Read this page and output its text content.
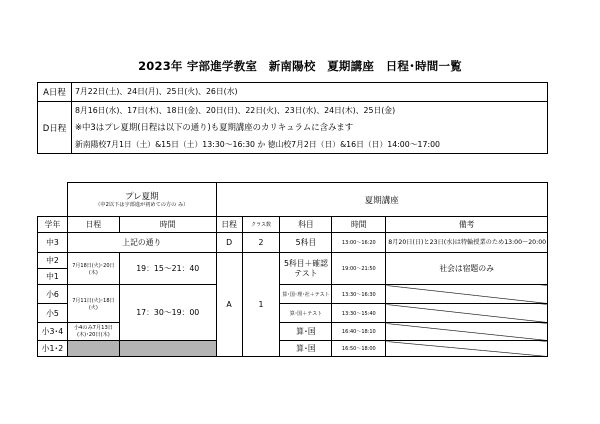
2023年 宇部進学教室　新南陽校　夏期講座　日程･時間一覧
A日程	7月22日(土)、24日(月)、25日(火)、26日(水)
D日程	8月16日(水)、17日(木)、18日(金)、20日(日)、22日(火)、23日(水)、24日(木)、25日(金)
※中3はプレ夏期(日程は以下の通り)も夏期講座のカリキュラムに含みます
新南陽校7月1日（土）&15日（土）13:30～16:30 か 徳山校7月2日（日）&16日（日）14:00～17:00

	プレ夏期
（中2以下は宇部進が初めての方の み）		夏期講座				
学年	日程	時間	日程	クラス数	科目	時間	備考
中3	上記の通り		D	2	5科目	13:00～16:20	8月20日(日)と23日(水)は特輪授業のため13:00～20:00
中2	7月18日(火)･20日(木)	19：15～21：40	A	1	5科目＋確認テスト	19:00～21:50	社会は宿題のみ
中1							
小6	7月11日(火)･18日(火)	17：30～19：00			算･国･理･社＋テスト	13:30～16:30	
小5					算･国＋テスト	13:30～15:40	
小3･4	小4のみ7月13日(木)･20日(木)				算･国	16:40～18:10	
小1･2					算･国	16:50～18:00	
